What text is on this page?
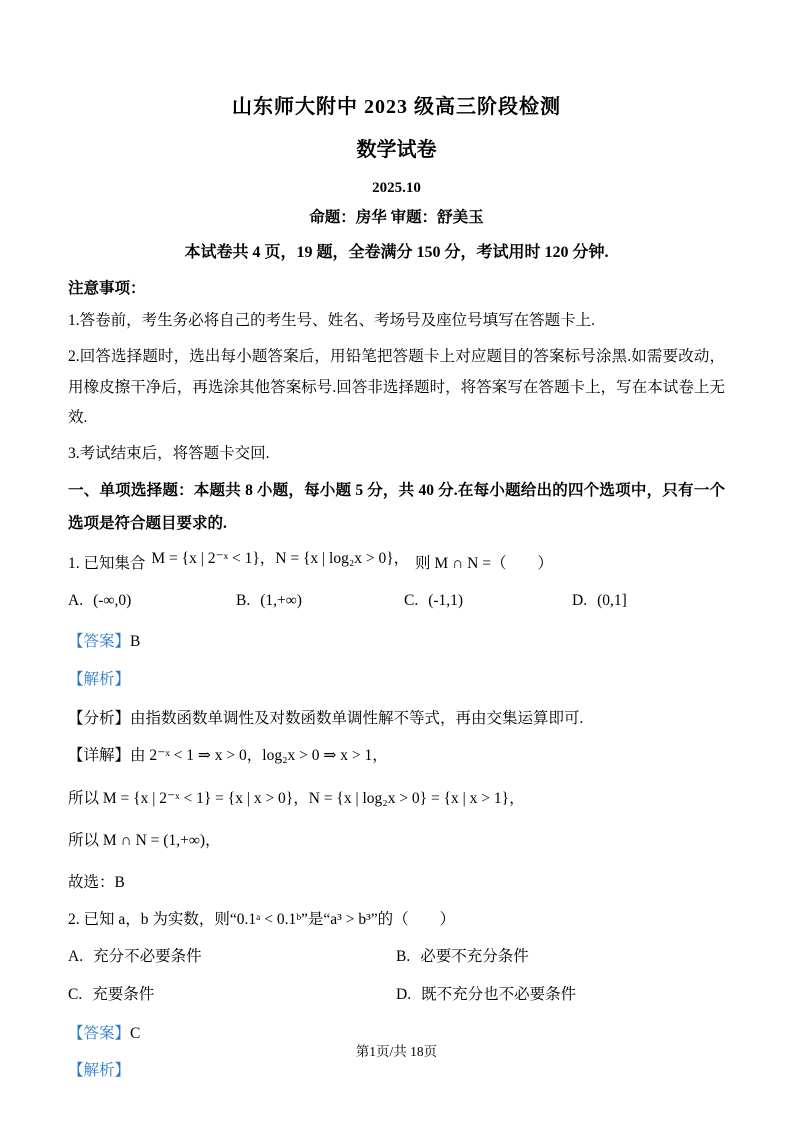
山东师大附中 2023 级高三阶段检测
数学试卷
2025.10
命题：房华 审题：舒美玉
本试卷共 4 页，19 题，全卷满分 150 分，考试用时 120 分钟.

注意事项：

1.答卷前，考生务必将自己的考生号、姓名、考场号及座位号填写在答题卡上.

2.回答选择题时，选出每小题答案后，用铅笔把答题卡上对应题目的答案标号涂黑.如需要改动，用橡皮擦干净后，再选涂其他答案标号.回答非选择题时，将答案写在答题卡上，写在本试卷上无效.

3.考试结束后，将答题卡交回.

一、单项选择题：本题共 8 小题，每小题 5 分，共 40 分.在每小题给出的四个选项中，只有一个选项是符合题目要求的.

1. 已知集合 M = {x | 2⁻ˣ < 1}，N = {x | log₂x > 0}， 则 M ∩ N =（　　）

A. (-∞,0)	B. (1,+∞)	C. (-1,1)	D. (0,1]

【答案】B

【解析】

【分析】由指数函数单调性及对数函数单调性解不等式，再由交集运算即可.

【详解】由 2⁻ˣ < 1 ⇒ x > 0，log₂x > 0 ⇒ x > 1，

所以 M = {x | 2⁻ˣ < 1} = {x | x > 0}，N = {x | log₂x > 0} = {x | x > 1}，

所以 M ∩ N = (1,+∞)，

故选：B

2. 已知 a，b 为实数，则“0.1ᵃ < 0.1ᵇ”是“a³ > b³”的（　　）

A. 充分不必要条件	B. 必要不充分条件
C. 充要条件	D. 既不充分也不必要条件

【答案】C

【解析】

第1页/共 18页
